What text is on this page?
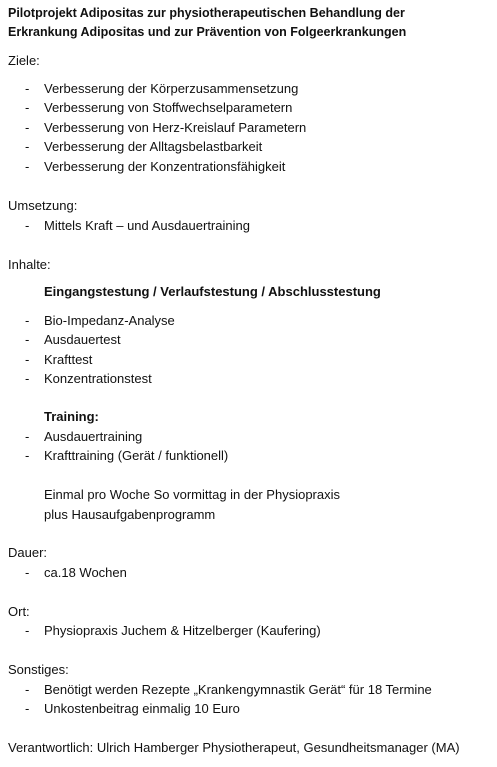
Pilotprojekt Adipositas zur physiotherapeutischen Behandlung der
Erkrankung Adipositas und zur Prävention von Folgeerkrankungen
Ziele:
- Verbesserung der Körperzusammensetzung
- Verbesserung von Stoffwechselparametern
- Verbesserung von Herz-Kreislauf Parametern
- Verbesserung der Alltagsbelastbarkeit
- Verbesserung der Konzentrationsfähigkeit
Umsetzung:
- Mittels Kraft – und Ausdauertraining
Inhalte:
Eingangstestung / Verlaufstestung / Abschlusstestung
- Bio-Impedanz-Analyse
- Ausdauertest
- Krafttest
- Konzentrationstest
Training:
- Ausdauertraining
- Krafttraining (Gerät / funktionell)
Einmal pro Woche So vormittag in der Physiopraxis
plus Hausaufgabenprogramm
Dauer:
- ca.18 Wochen
Ort:
- Physiopraxis Juchem & Hitzelberger (Kaufering)
Sonstiges:
- Benötigt werden Rezepte „Krankengymnastik Gerät“ für 18 Termine
- Unkostenbeitrag einmalig 10 Euro
Verantwortlich: Ulrich Hamberger Physiotherapeut, Gesundheitsmanager (MA)
